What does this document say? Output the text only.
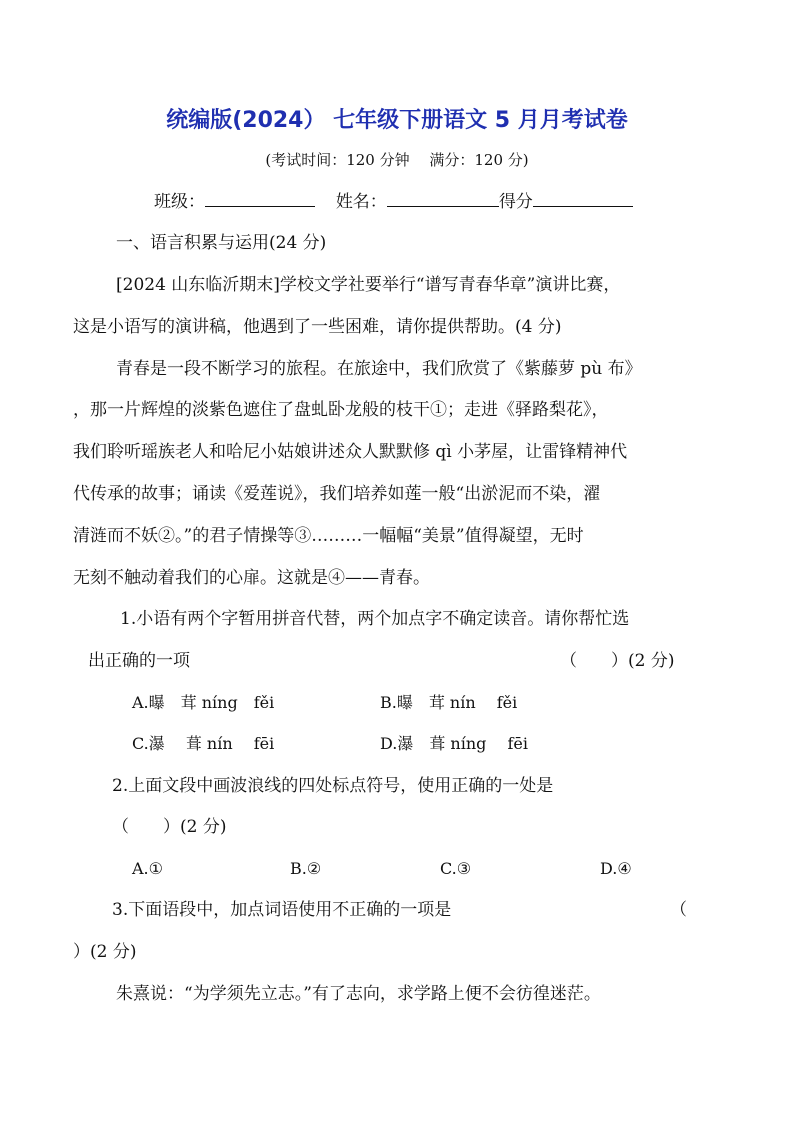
统编版(2024） 七年级下册语文 5 月月考试卷
(考试时间：120 分钟　 满分：120 分)
班级：	姓名：	得分
一、语言积累与运用(24 分)
[2024 山东临沂期末]学校文学社要举行“谱写青春华章”演讲比赛，
这是小语写的演讲稿，他遇到了一些困难，请你提供帮助。(4 分)
青春是一段不断学习的旅程。在旅途中，我们欣赏了《紫藤萝 pù 布》
，那一片辉煌的淡紫色遮住了盘虬卧龙般的枝干①；走进《驿路梨花》，
我们聆听瑶族老人和哈尼小姑娘讲述众人默默修 qì 小茅屋，让雷锋精神代
代传承的故事；诵读《爱莲说》，我们培养如莲一般“出淤泥而不染，濯
清涟而不妖②。”的君子情操等③………一幅幅“美景”值得凝望，无时
无刻不触动着我们的心扉。这就是④——青春。
1.小语有两个字暂用拼音代替，两个加点字不确定读音。请你帮忙选
出正确的一项	（　　）(2 分)
A.曝　茸 níng　fěi	B.曝　茸 nín　 fěi
C.瀑　 葺 nín　 fēi	D.瀑　葺 níng　 fēi
2.上面文段中画波浪线的四处标点符号，使用正确的一处是
（　　）(2 分)
A.①	B.②	C.③	D.④
3.下面语段中，加点词语使用不正确的一项是	（
）(2 分)
朱熹说：“为学须先立志。”有了志向，求学路上便不会彷徨迷茫。
